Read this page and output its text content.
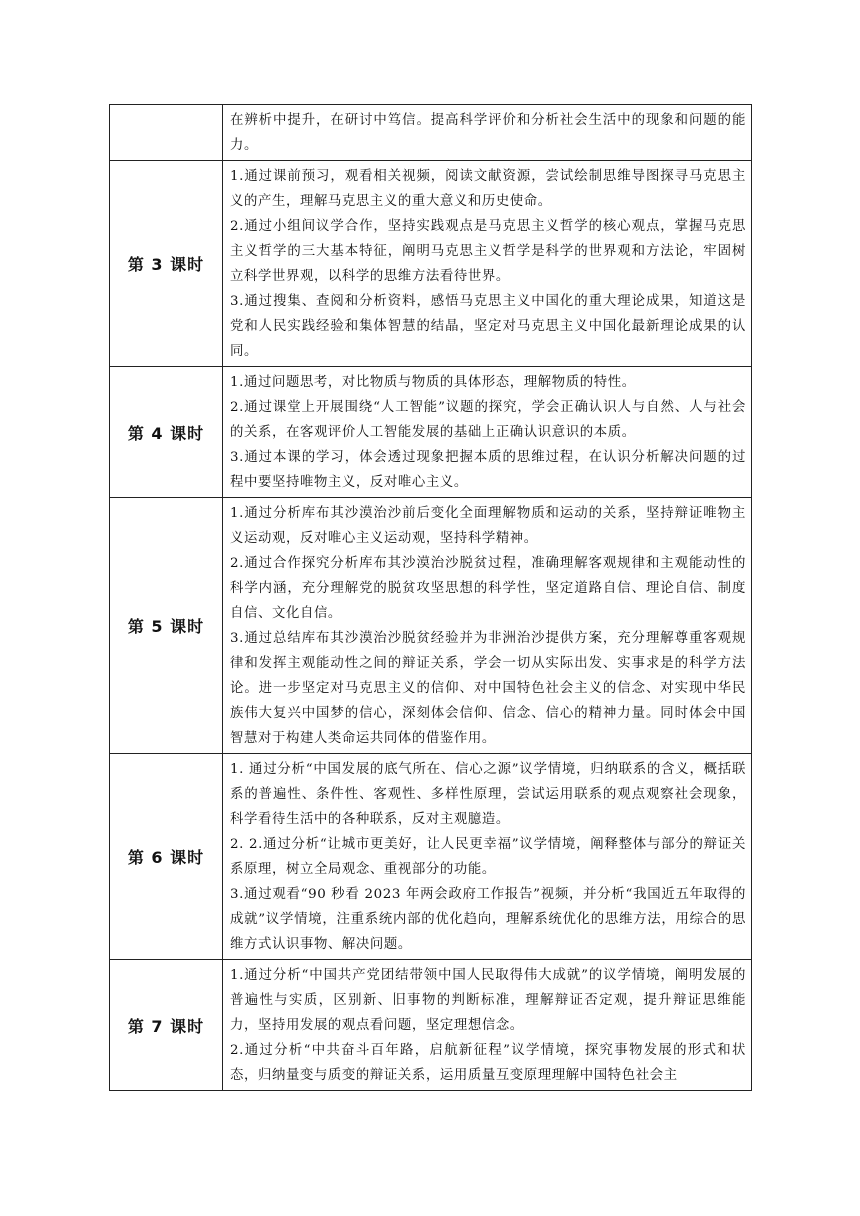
	在辨析中提升，在研讨中笃信。提高科学评价和分析社会生活中的现象和问题的能力。

第 3 课时	1.通过课前预习，观看相关视频，阅读文献资源，尝试绘制思维导图探寻马克思主义的产生，理解马克思主义的重大意义和历史使命。

2.通过小组间议学合作，坚持实践观点是马克思主义哲学的核心观点，掌握马克思主义哲学的三大基本特征，阐明马克思主义哲学是科学的世界观和方法论，牢固树立科学世界观，以科学的思维方法看待世界。

3.通过搜集、查阅和分析资料，感悟马克思主义中国化的重大理论成果，知道这是党和人民实践经验和集体智慧的结晶，坚定对马克思主义中国化最新理论成果的认同。

第 4 课时	1.通过问题思考，对比物质与物质的具体形态，理解物质的特性。

2.通过课堂上开展围绕“人工智能”议题的探究，学会正确认识人与自然、人与社会的关系，在客观评价人工智能发展的基础上正确认识意识的本质。

3.通过本课的学习，体会透过现象把握本质的思维过程，在认识分析解决问题的过程中要坚持唯物主义，反对唯心主义。

第 5 课时	1.通过分析库布其沙漠治沙前后变化全面理解物质和运动的关系，坚持辩证唯物主义运动观，反对唯心主义运动观，坚持科学精神。

2.通过合作探究分析库布其沙漠治沙脱贫过程，准确理解客观规律和主观能动性的科学内涵，充分理解党的脱贫攻坚思想的科学性，坚定道路自信、理论自信、制度自信、文化自信。

3.通过总结库布其沙漠治沙脱贫经验并为非洲治沙提供方案，充分理解尊重客观规律和发挥主观能动性之间的辩证关系，学会一切从实际出发、实事求是的科学方法论。进一步坚定对马克思主义的信仰、对中国特色社会主义的信念、对实现中华民族伟大复兴中国梦的信心，深刻体会信仰、信念、信心的精神力量。同时体会中国智慧对于构建人类命运共同体的借鉴作用。

第 6 课时	1. 通过分析“中国发展的底气所在、信心之源”议学情境，归纳联系的含义，概括联系的普遍性、条件性、客观性、多样性原理，尝试运用联系的观点观察社会现象，科学看待生活中的各种联系，反对主观臆造。

2. 2.通过分析“让城市更美好，让人民更幸福”议学情境，阐释整体与部分的辩证关系原理，树立全局观念、重视部分的功能。

3.通过观看“90 秒看 2023 年两会政府工作报告”视频，并分析“我国近五年取得的成就”议学情境，注重系统内部的优化趋向，理解系统优化的思维方法，用综合的思维方式认识事物、解决问题。

第 7 课时	1.通过分析“中国共产党团结带领中国人民取得伟大成就”的议学情境，阐明发展的普遍性与实质，区别新、旧事物的判断标准，理解辩证否定观，提升辩证思维能力，坚持用发展的观点看问题，坚定理想信念。

2.通过分析“中共奋斗百年路，启航新征程”议学情境，探究事物发展的形式和状态，归纳量变与质变的辩证关系，运用质量互变原理理解中国特色社会主
